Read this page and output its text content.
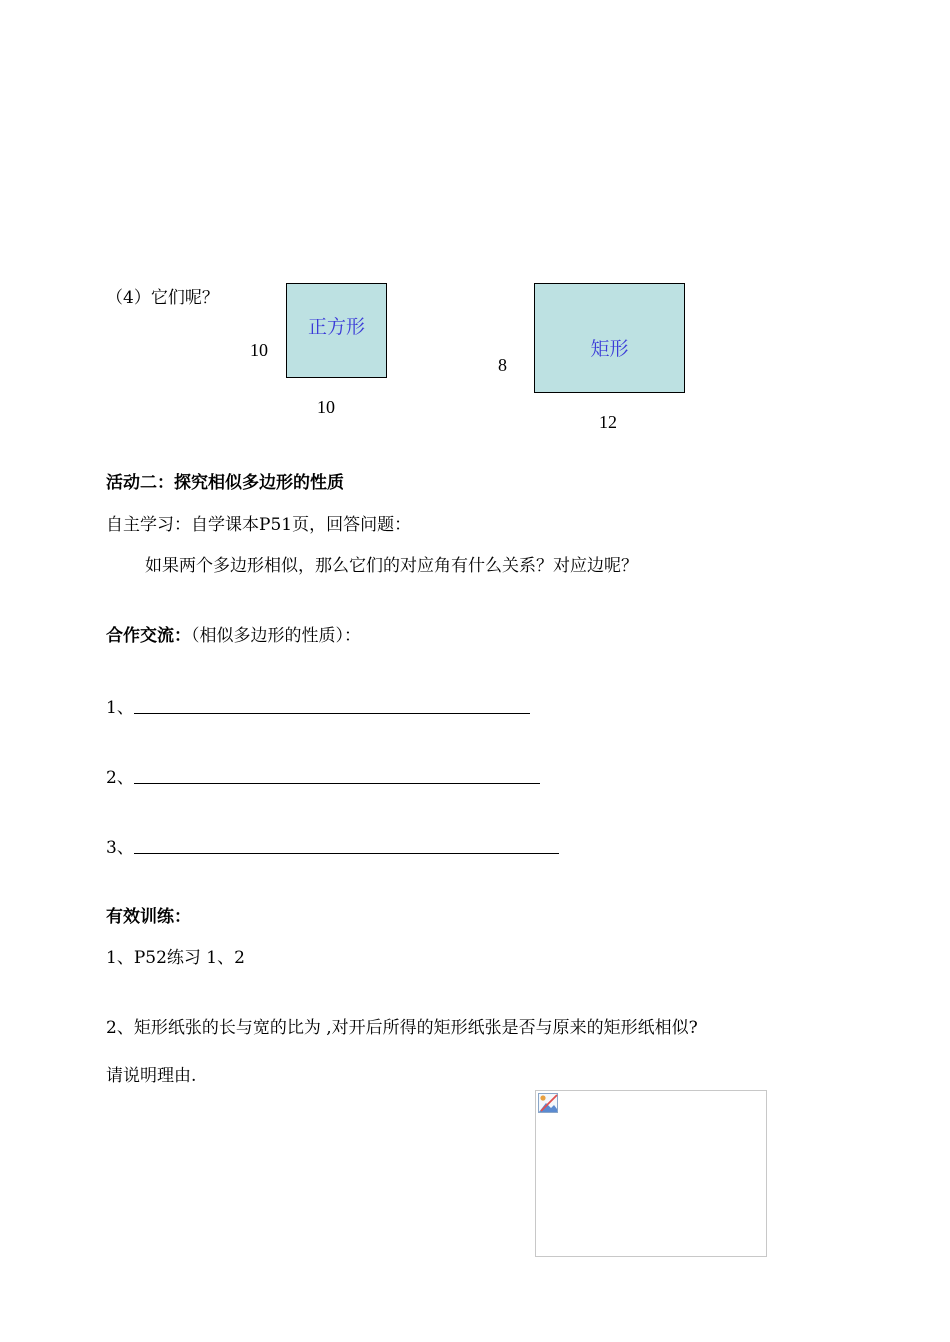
（4）它们呢？
正方形
10
10
矩形
8
12
活动二：探究相似多边形的性质
自主学习：自学课本P51页，回答问题：
如果两个多边形相似，那么它们的对应角有什么关系？对应边呢？
合作交流：（相似多边形的性质）：
1、
2、
3、
有效训练：
1、P52练习 1、2
2、矩形纸张的长与宽的比为 ,对开后所得的矩形纸张是否与原来的矩形纸相似?
请说明理由.
